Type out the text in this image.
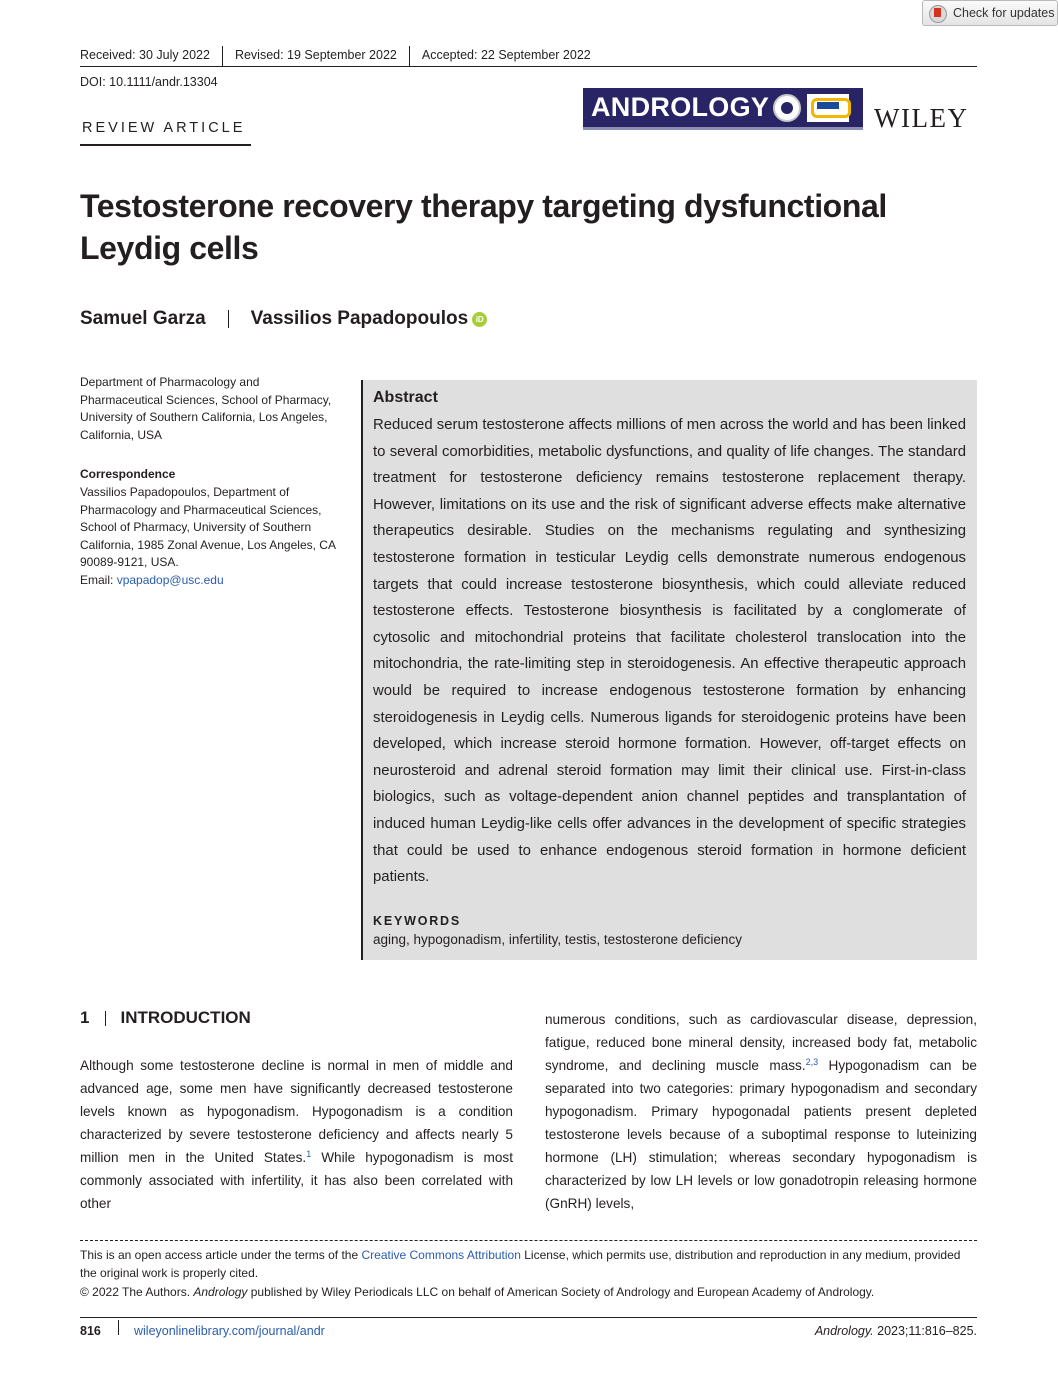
Check for updates
Received: 30 July 2022	Revised: 19 September 2022	Accepted: 22 September 2022
DOI: 10.1111/andr.13304
REVIEW ARTICLE
ANDROLOGY	WILEY
Testosterone recovery therapy targeting dysfunctional Leydig cells
Samuel Garza Vassilios Papadopoulos iD
Department of Pharmacology and Pharmaceutical Sciences, School of Pharmacy, University of Southern California, Los Angeles, California, USA
Correspondence
Vassilios Papadopoulos, Department of Pharmacology and Pharmaceutical Sciences, School of Pharmacy, University of Southern California, 1985 Zonal Avenue, Los Angeles, CA 90089-9121, USA.
Email: vpapadop@usc.edu
Abstract

Reduced serum testosterone affects millions of men across the world and has been linked to several comorbidities, metabolic dysfunctions, and quality of life changes. The standard treatment for testosterone deficiency remains testosterone replacement therapy. However, limitations on its use and the risk of significant adverse effects make alternative therapeutics desirable. Studies on the mechanisms regulating and synthesizing testosterone formation in testicular Leydig cells demonstrate numerous endogenous targets that could increase testosterone biosynthesis, which could alleviate reduced testosterone effects. Testosterone biosynthesis is facilitated by a conglomerate of cytosolic and mitochondrial proteins that facilitate cholesterol translocation into the mitochondria, the rate-limiting step in steroidogenesis. An effective therapeutic approach would be required to increase endogenous testosterone formation by enhancing steroidogenesis in Leydig cells. Numerous ligands for steroidogenic proteins have been developed, which increase steroid hormone formation. However, off-target effects on neurosteroid and adrenal steroid formation may limit their clinical use. First-in-class biologics, such as voltage-dependent anion channel peptides and transplantation of induced human Leydig-like cells offer advances in the development of specific strategies that could be used to enhance endogenous steroid formation in hormone deficient patients.

KEYWORDS
aging, hypogonadism, infertility, testis, testosterone deficiency
1 INTRODUCTION

Although some testosterone decline is normal in men of middle and advanced age, some men have significantly decreased testosterone levels known as hypogonadism. Hypogonadism is a condition characterized by severe testosterone deficiency and affects nearly 5 million men in the United States.$^1$ While hypogonadism is most commonly associated with infertility, it has also been correlated with other

numerous conditions, such as cardiovascular disease, depression, fatigue, reduced bone mineral density, increased body fat, metabolic syndrome, and declining muscle mass.$^{2,3}$ Hypogonadism can be separated into two categories: primary hypogonadism and secondary hypogonadism. Primary hypogonadal patients present depleted testosterone levels because of a suboptimal response to luteinizing hormone (LH) stimulation; whereas secondary hypogonadism is characterized by low LH levels or low gonadotropin releasing hormone (GnRH) levels,

This is an open access article under the terms of the Creative Commons Attribution License, which permits use, distribution and reproduction in any medium, provided the original work is properly cited.

© 2022 The Authors. Andrology published by Wiley Periodicals LLC on behalf of American Society of Andrology and European Academy of Andrology.

816	wileyonlinelibrary.com/journal/andr	Andrology. 2023;11:816–825.
